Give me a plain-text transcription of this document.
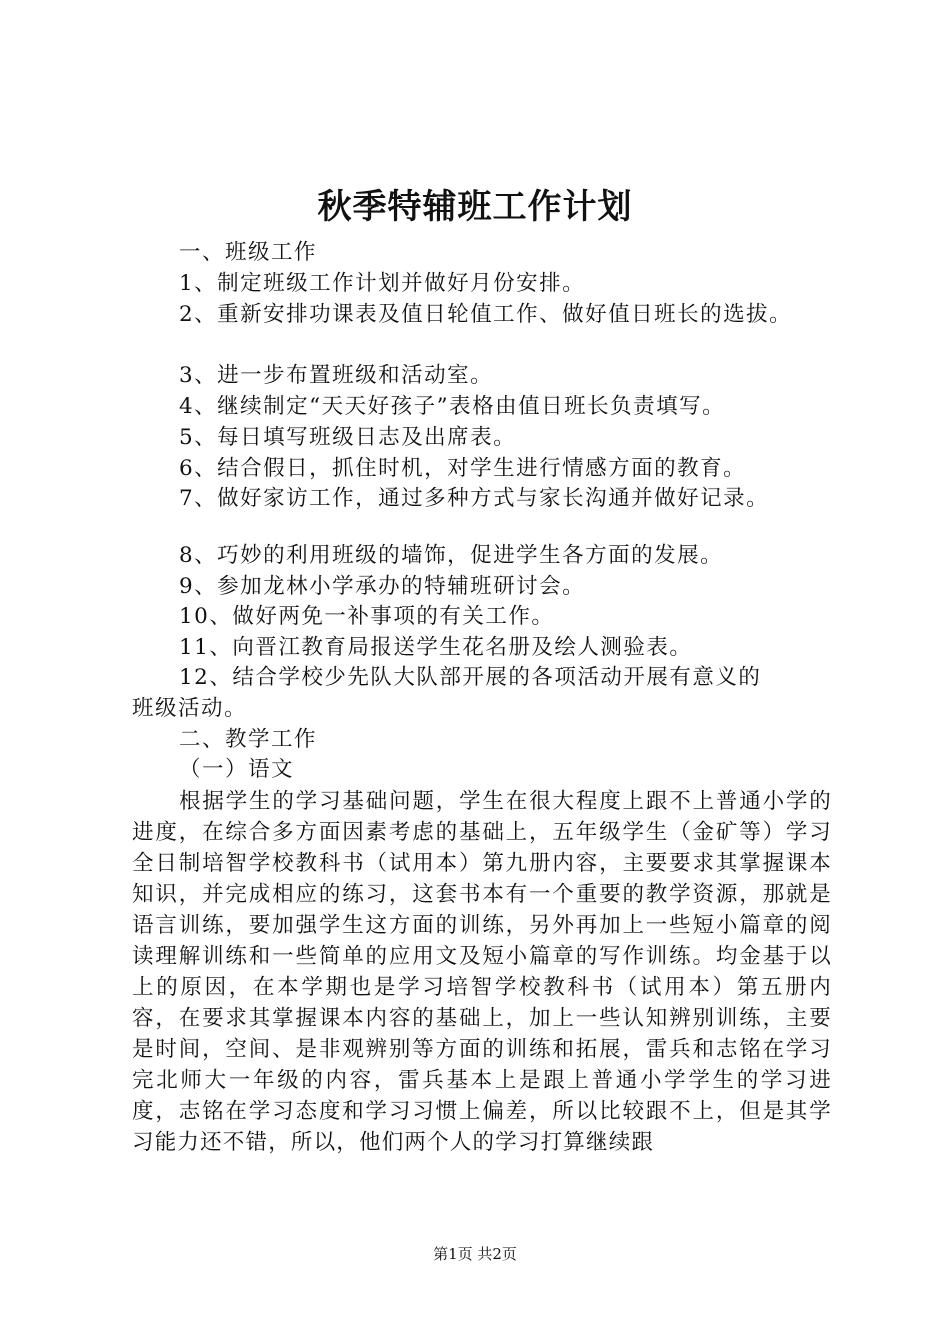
秋季特辅班工作计划
一、班级工作
1、制定班级工作计划并做好月份安排。
2、重新安排功课表及值日轮值工作、做好值日班长的选拔。
3、进一步布置班级和活动室。
4、继续制定“天天好孩子”表格由值日班长负责填写。
5、每日填写班级日志及出席表。
6、结合假日，抓住时机，对学生进行情感方面的教育。
7、做好家访工作，通过多种方式与家长沟通并做好记录。
8、巧妙的利用班级的墙饰，促进学生各方面的发展。
9、参加龙林小学承办的特辅班研讨会。
10、做好两免一补事项的有关工作。
11、向晋江教育局报送学生花名册及绘人测验表。
12、结合学校少先队大队部开展的各项活动开展有意义的
班级活动。
二、教学工作
（一）语文
根据学生的学习基础问题，学生在很大程度上跟不上普通小学的进度，在综合多方面因素考虑的基础上，五年级学生（金矿等）学习全日制培智学校教科书（试用本）第九册内容，主要要求其掌握课本知识，并完成相应的练习，这套书本有一个重要的教学资源，那就是语言训练，要加强学生这方面的训练，另外再加上一些短小篇章的阅读理解训练和一些简单的应用文及短小篇章的写作训练。均金基于以上的原因，在本学期也是学习培智学校教科书（试用本）第五册内容，在要求其掌握课本内容的基础上，加上一些认知辨别训练，主要是时间，空间、是非观辨别等方面的训练和拓展，雷兵和志铭在学习完北师大一年级的内容，雷兵基本上是跟上普通小学学生的学习进度，志铭在学习态度和学习习惯上偏差，所以比较跟不上，但是其学习能力还不错，所以，他们两个人的学习打算继续跟
第1页 共2页
